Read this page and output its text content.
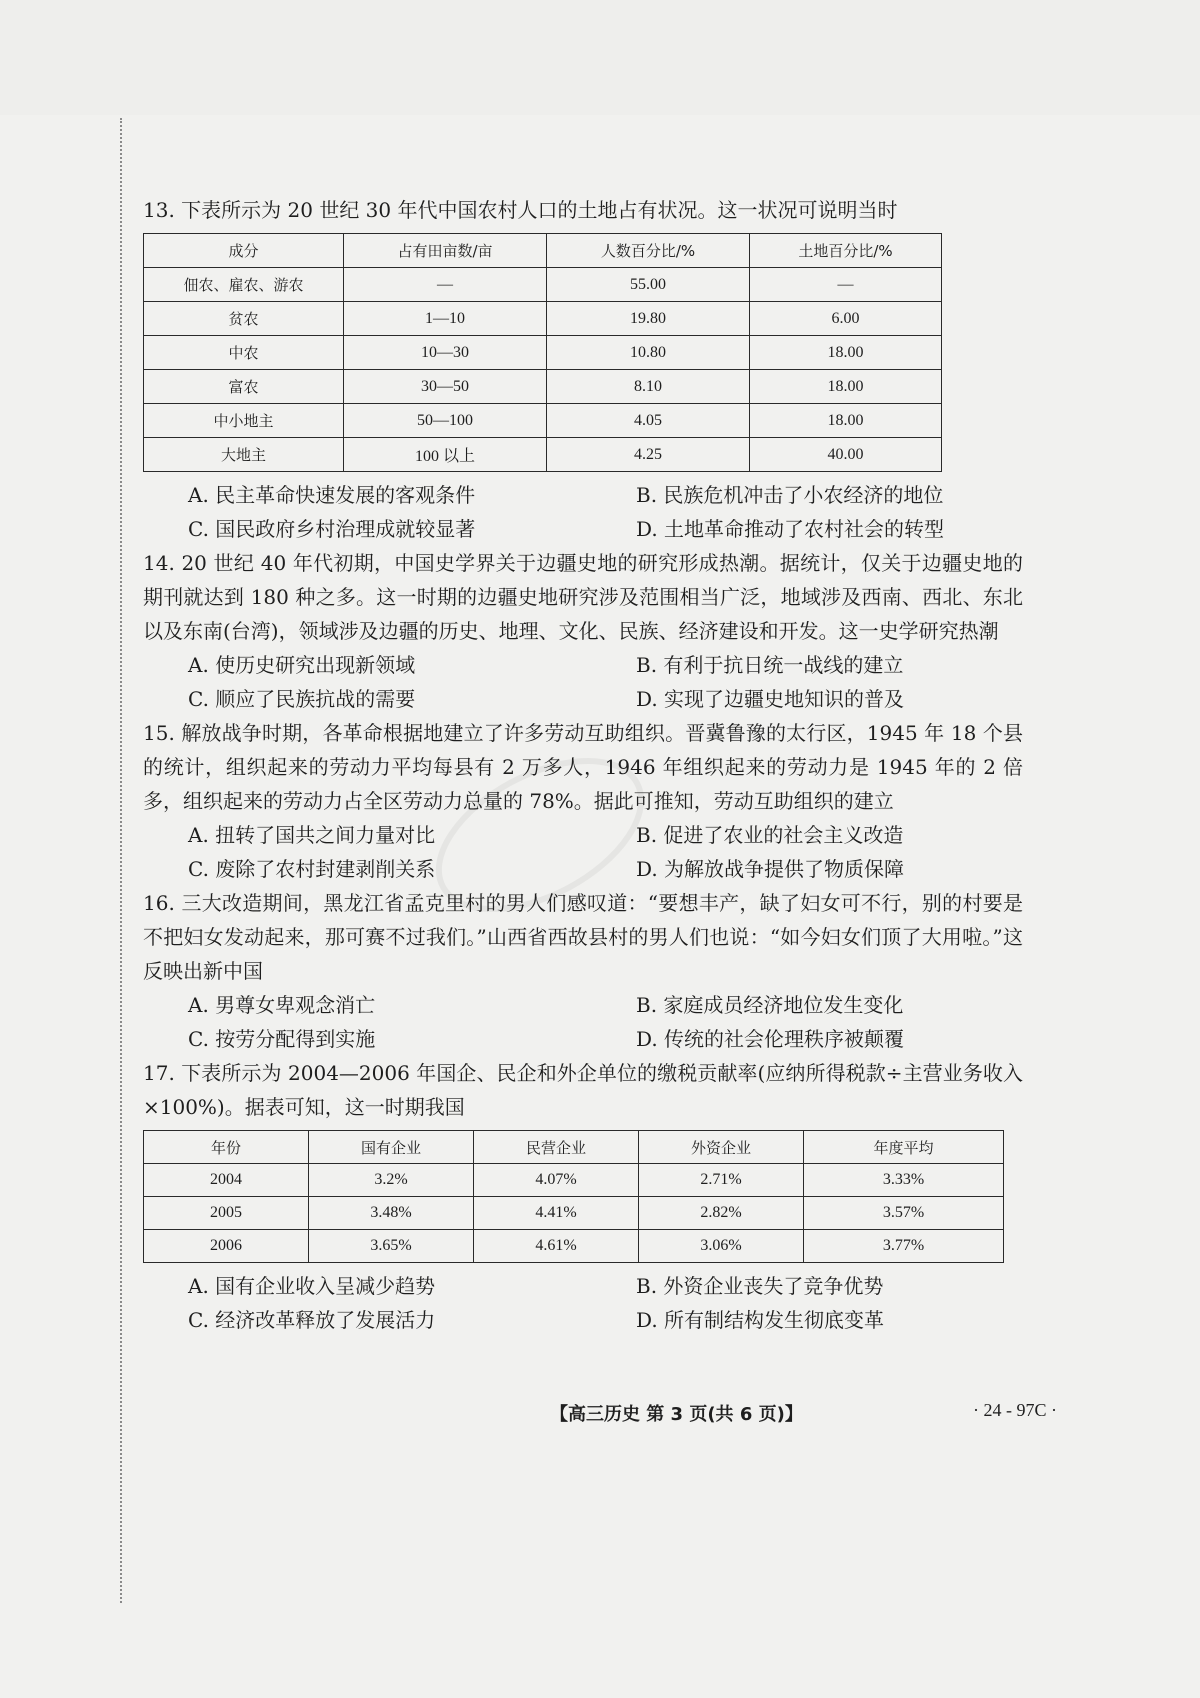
13. 下表所示为 20 世纪 30 年代中国农村人口的土地占有状况。这一状况可说明当时

成分	占有田亩数/亩	人数百分比/%	土地百分比/%
佃农、雇农、游农	—	55.00	—
贫农	1—10	19.80	6.00
中农	10—30	10.80	18.00
富农	30—50	8.10	18.00
中小地主	50—100	4.05	18.00
大地主	100 以上	4.25	40.00
A. 民主革命快速发展的客观条件	B. 民族危机冲击了小农经济的地位
C. 国民政府乡村治理成就较显著	D. 土地革命推动了农村社会的转型

14. 20 世纪 40 年代初期，中国史学界关于边疆史地的研究形成热潮。据统计，仅关于边疆史地的期刊就达到 180 种之多。这一时期的边疆史地研究涉及范围相当广泛，地域涉及西南、西北、东北以及东南(台湾)，领域涉及边疆的历史、地理、文化、民族、经济建设和开发。这一史学研究热潮

A. 使历史研究出现新领域	B. 有利于抗日统一战线的建立
C. 顺应了民族抗战的需要	D. 实现了边疆史地知识的普及

15. 解放战争时期，各革命根据地建立了许多劳动互助组织。晋冀鲁豫的太行区，1945 年 18 个县的统计，组织起来的劳动力平均每县有 2 万多人，1946 年组织起来的劳动力是 1945 年的 2 倍多，组织起来的劳动力占全区劳动力总量的 78%。据此可推知，劳动互助组织的建立

A. 扭转了国共之间力量对比	B. 促进了农业的社会主义改造
C. 废除了农村封建剥削关系	D. 为解放战争提供了物质保障

16. 三大改造期间，黑龙江省孟克里村的男人们感叹道：“要想丰产，缺了妇女可不行，别的村要是不把妇女发动起来，那可赛不过我们。”山西省西故县村的男人们也说：“如今妇女们顶了大用啦。”这反映出新中国

A. 男尊女卑观念消亡	B. 家庭成员经济地位发生变化
C. 按劳分配得到实施	D. 传统的社会伦理秩序被颠覆

17. 下表所示为 2004—2006 年国企、民企和外企单位的缴税贡献率(应纳所得税款÷主营业务收入×100%)。据表可知，这一时期我国

年份	国有企业	民营企业	外资企业	年度平均
2004	3.2%	4.07%	2.71%	3.33%
2005	3.48%	4.41%	2.82%	3.57%
2006	3.65%	4.61%	3.06%	3.77%
A. 国有企业收入呈减少趋势	B. 外资企业丧失了竞争优势
C. 经济改革释放了发展活力	D. 所有制结构发生彻底变革
【高三历史 第 3 页(共 6 页)】	· 24 - 97C ·
